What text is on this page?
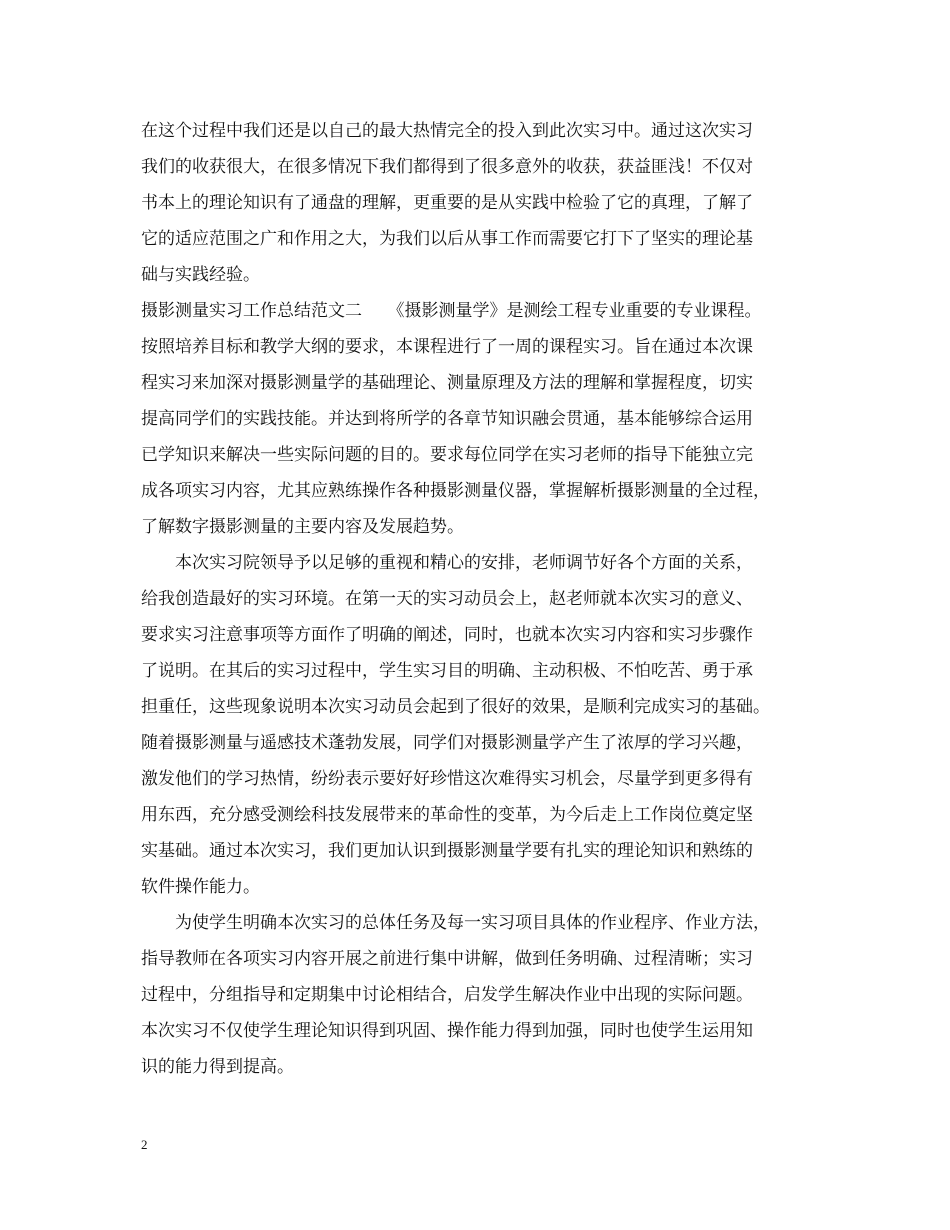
在这个过程中我们还是以自己的最大热情完全的投入到此次实习中。通过这次实习

我们的收获很大，在很多情况下我们都得到了很多意外的收获，获益匪浅！不仅对

书本上的理论知识有了通盘的理解，更重要的是从实践中检验了它的真理，了解了

它的适应范围之广和作用之大，为我们以后从事工作而需要它打下了坚实的理论基

础与实践经验。

摄影测量实习工作总结范文二　　《摄影测量学》是测绘工程专业重要的专业课程。

按照培养目标和教学大纲的要求，本课程进行了一周的课程实习。旨在通过本次课

程实习来加深对摄影测量学的基础理论、测量原理及方法的理解和掌握程度，切实

提高同学们的实践技能。并达到将所学的各章节知识融会贯通，基本能够综合运用

已学知识来解决一些实际问题的目的。要求每位同学在实习老师的指导下能独立完

成各项实习内容，尤其应熟练操作各种摄影测量仪器，掌握解析摄影测量的全过程，

了解数字摄影测量的主要内容及发展趋势。

　　本次实习院领导予以足够的重视和精心的安排，老师调节好各个方面的关系，

给我创造最好的实习环境。在第一天的实习动员会上，赵老师就本次实习的意义、

要求实习注意事项等方面作了明确的阐述，同时，也就本次实习内容和实习步骤作

了说明。在其后的实习过程中，学生实习目的明确、主动积极、不怕吃苦、勇于承

担重任，这些现象说明本次实习动员会起到了很好的效果，是顺利完成实习的基础。

随着摄影测量与遥感技术蓬勃发展，同学们对摄影测量学产生了浓厚的学习兴趣，

激发他们的学习热情，纷纷表示要好好珍惜这次难得实习机会，尽量学到更多得有

用东西，充分感受测绘科技发展带来的革命性的变革，为今后走上工作岗位奠定坚

实基础。通过本次实习，我们更加认识到摄影测量学要有扎实的理论知识和熟练的

软件操作能力。

　　为使学生明确本次实习的总体任务及每一实习项目具体的作业程序、作业方法，

指导教师在各项实习内容开展之前进行集中讲解，做到任务明确、过程清晰；实习

过程中，分组指导和定期集中讨论相结合，启发学生解决作业中出现的实际问题。

本次实习不仅使学生理论知识得到巩固、操作能力得到加强，同时也使学生运用知

识的能力得到提高。

2
